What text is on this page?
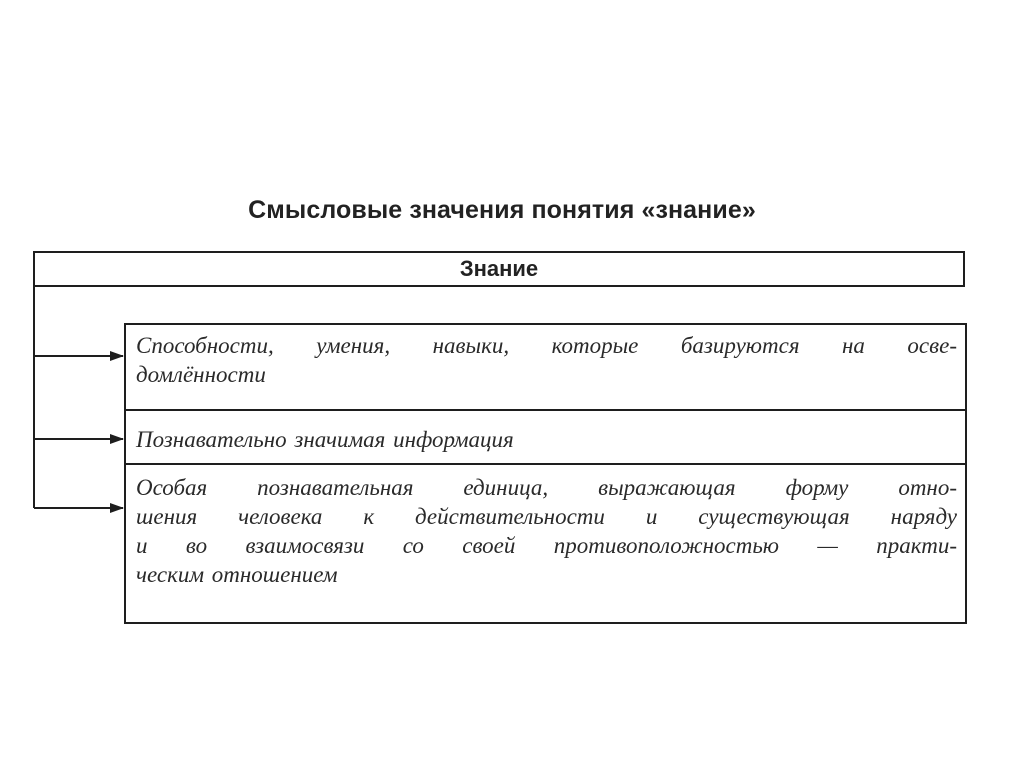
Смысловые значения понятия «знание»
Знание
Способности, умения, навыки, которые базируются на осве-
домлённости
Познавательно значимая информация
Особая познавательная единица, выражающая форму отно-
шения человека к действительности и существующая наряду
и во взаимосвязи со своей противоположностью — практи-
ческим отношением
